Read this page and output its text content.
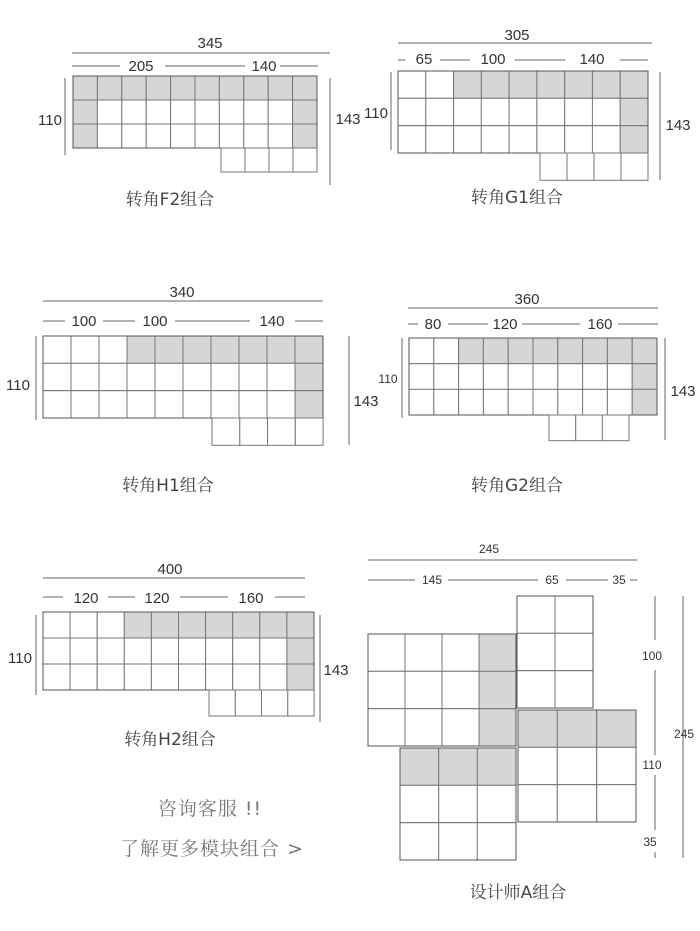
345
205	140
110	143
转角F2组合
305
65	100	140
110
143
转角G1组合
340
100	100	140
110
143
转角H1组合
360
80	120	160
110
143
转角G2组合
400
120	120	160
110
143
转角H2组合
245
145	65	35
100
110
35
245
设计师A组合
咨询客服 !!
了解更多模块组合 >
